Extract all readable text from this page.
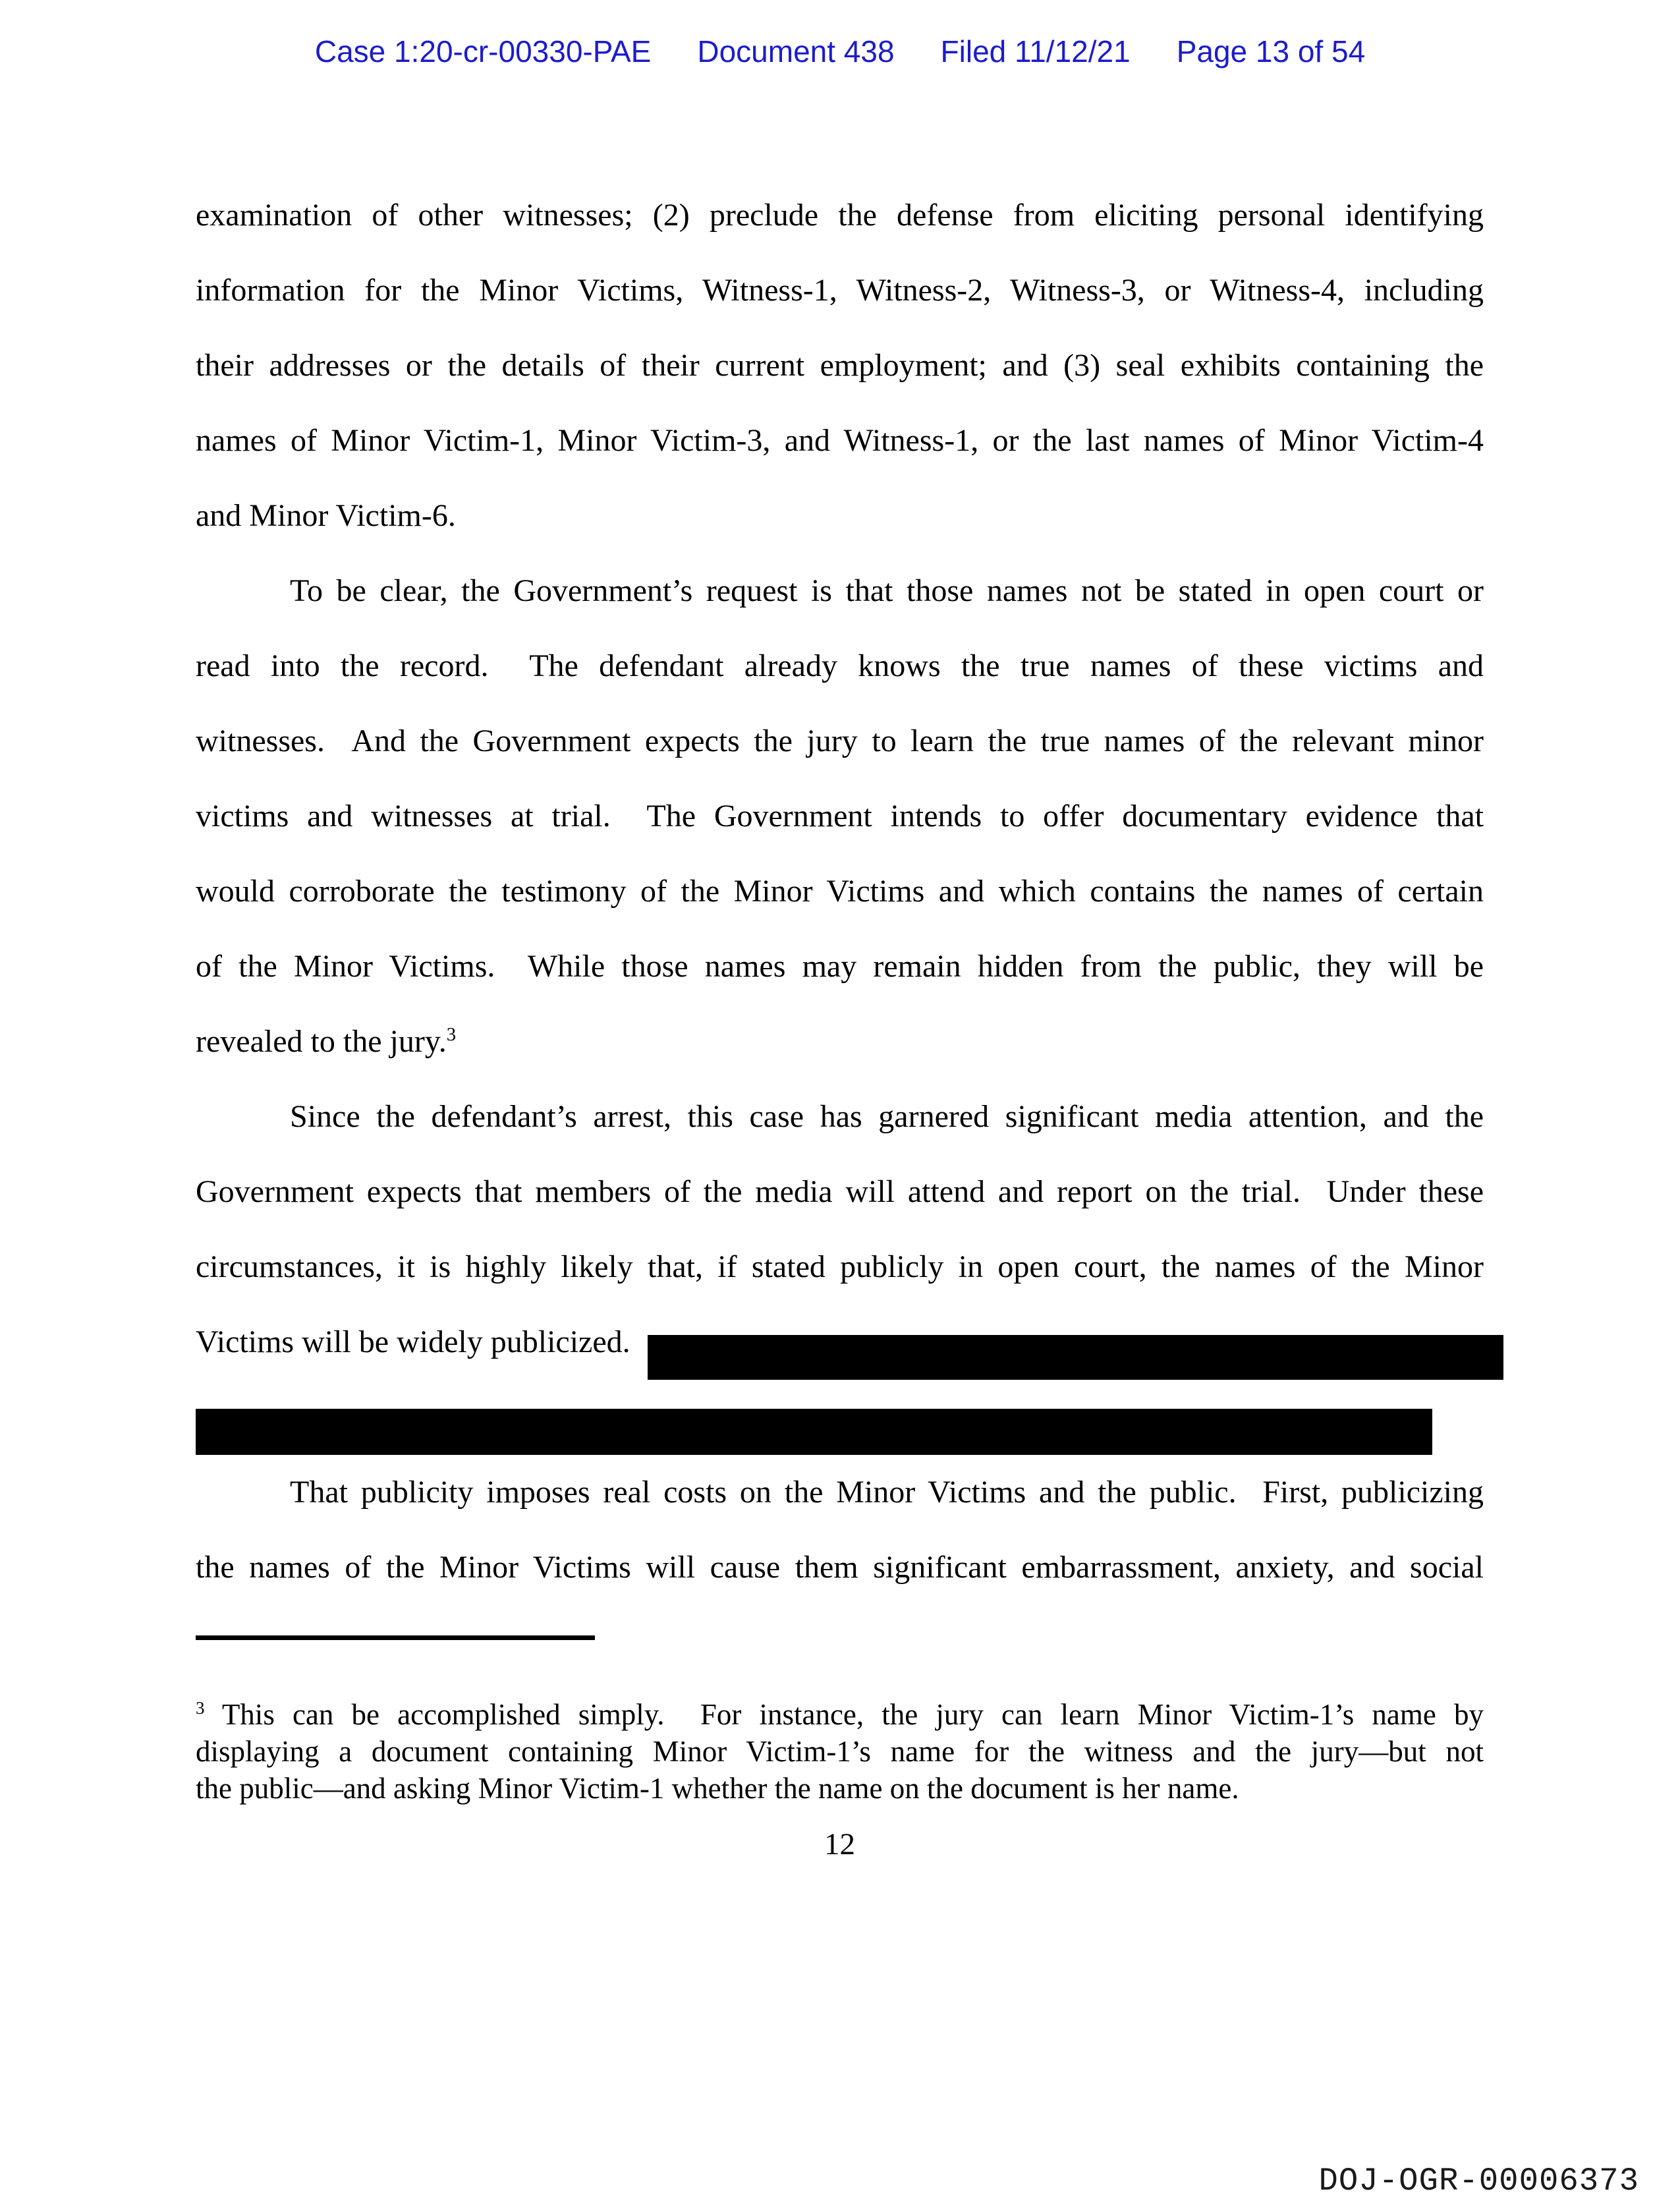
Case 1:20-cr-00330-PAE Document 438 Filed 11/12/21 Page 13 of 54
examination of other witnesses; (2) preclude the defense from eliciting personal identifying
information for the Minor Victims, Witness-1, Witness-2, Witness-3, or Witness-4, including
their addresses or the details of their current employment; and (3) seal exhibits containing the
names of Minor Victim-1, Minor Victim-3, and Witness-1, or the last names of Minor Victim-4
and Minor Victim-6.
To be clear, the Government’s request is that those names not be stated in open court or
read into the record.  The defendant already knows the true names of these victims and
witnesses.  And the Government expects the jury to learn the true names of the relevant minor
victims and witnesses at trial.  The Government intends to offer documentary evidence that
would corroborate the testimony of the Minor Victims and which contains the names of certain
of the Minor Victims.  While those names may remain hidden from the public, they will be
revealed to the jury.$^3$
Since the defendant’s arrest, this case has garnered significant media attention, and the
Government expects that members of the media will attend and report on the trial.  Under these
circumstances, it is highly likely that, if stated publicly in open court, the names of the Minor
Victims will be widely publicized.
That publicity imposes real costs on the Minor Victims and the public.  First, publicizing
the names of the Minor Victims will cause them significant embarrassment, anxiety, and social
$^3$ This can be accomplished simply.  For instance, the jury can learn Minor Victim-1’s name by
displaying a document containing Minor Victim-1’s name for the witness and the jury—but not
the public—and asking Minor Victim-1 whether the name on the document is her name.
12
DOJ-OGR-00006373
